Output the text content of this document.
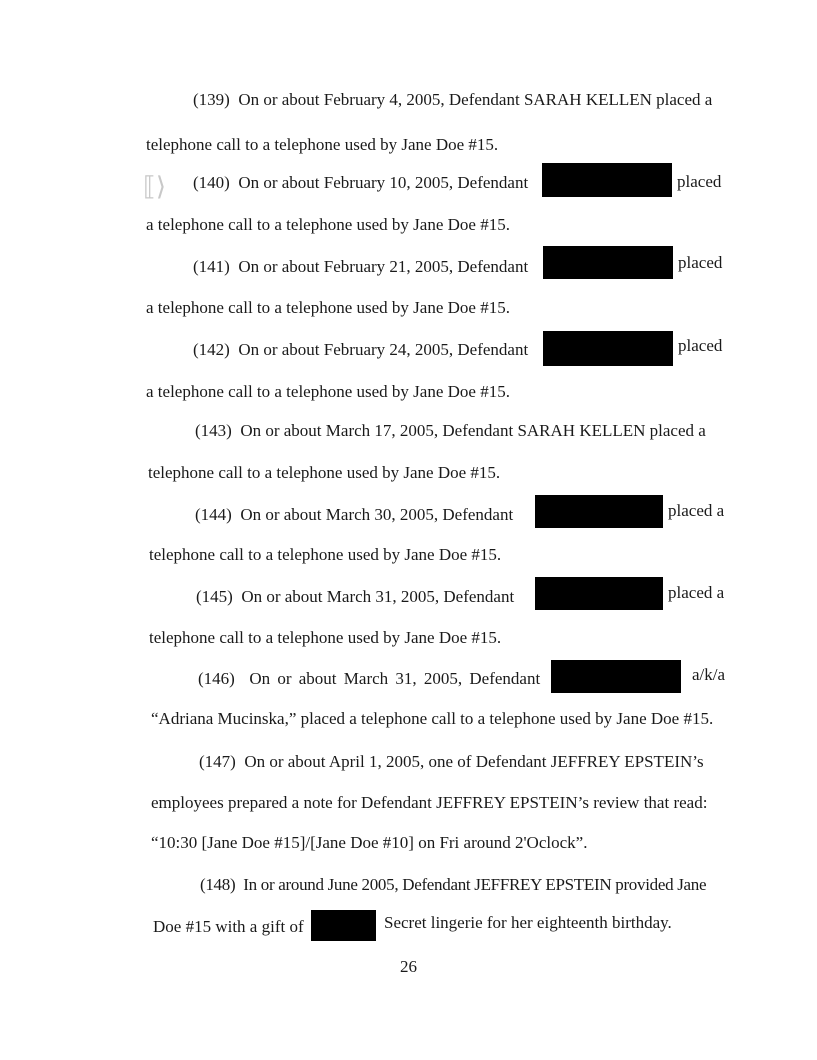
(139) On or about February 4, 2005, Defendant SARAH KELLEN placed a
telephone call to a telephone used by Jane Doe #15.
⟦⟩ (140) On or about February 10, 2005, Defendant	placed
a telephone call to a telephone used by Jane Doe #15.
(141) On or about February 21, 2005, Defendant	placed
a telephone call to a telephone used by Jane Doe #15.
(142) On or about February 24, 2005, Defendant	placed
a telephone call to a telephone used by Jane Doe #15.
(143) On or about March 17, 2005, Defendant SARAH KELLEN placed a
telephone call to a telephone used by Jane Doe #15.
(144) On or about March 30, 2005, Defendant	placed a
telephone call to a telephone used by Jane Doe #15.
(145) On or about March 31, 2005, Defendant	placed a
telephone call to a telephone used by Jane Doe #15.
(146) On or about March 31, 2005, Defendant	a/k/a
“Adriana Mucinska,” placed a telephone call to a telephone used by Jane Doe #15.
(147) On or about April 1, 2005, one of Defendant JEFFREY EPSTEIN’s
employees prepared a note for Defendant JEFFREY EPSTEIN’s review that read:
“10:30 [Jane Doe #15]/[Jane Doe #10] on Fri around 2'Oclock”.
(148) In or around June 2005, Defendant JEFFREY EPSTEIN provided Jane
Doe #15 with a gift of	Secret lingerie for her eighteenth birthday.
26
